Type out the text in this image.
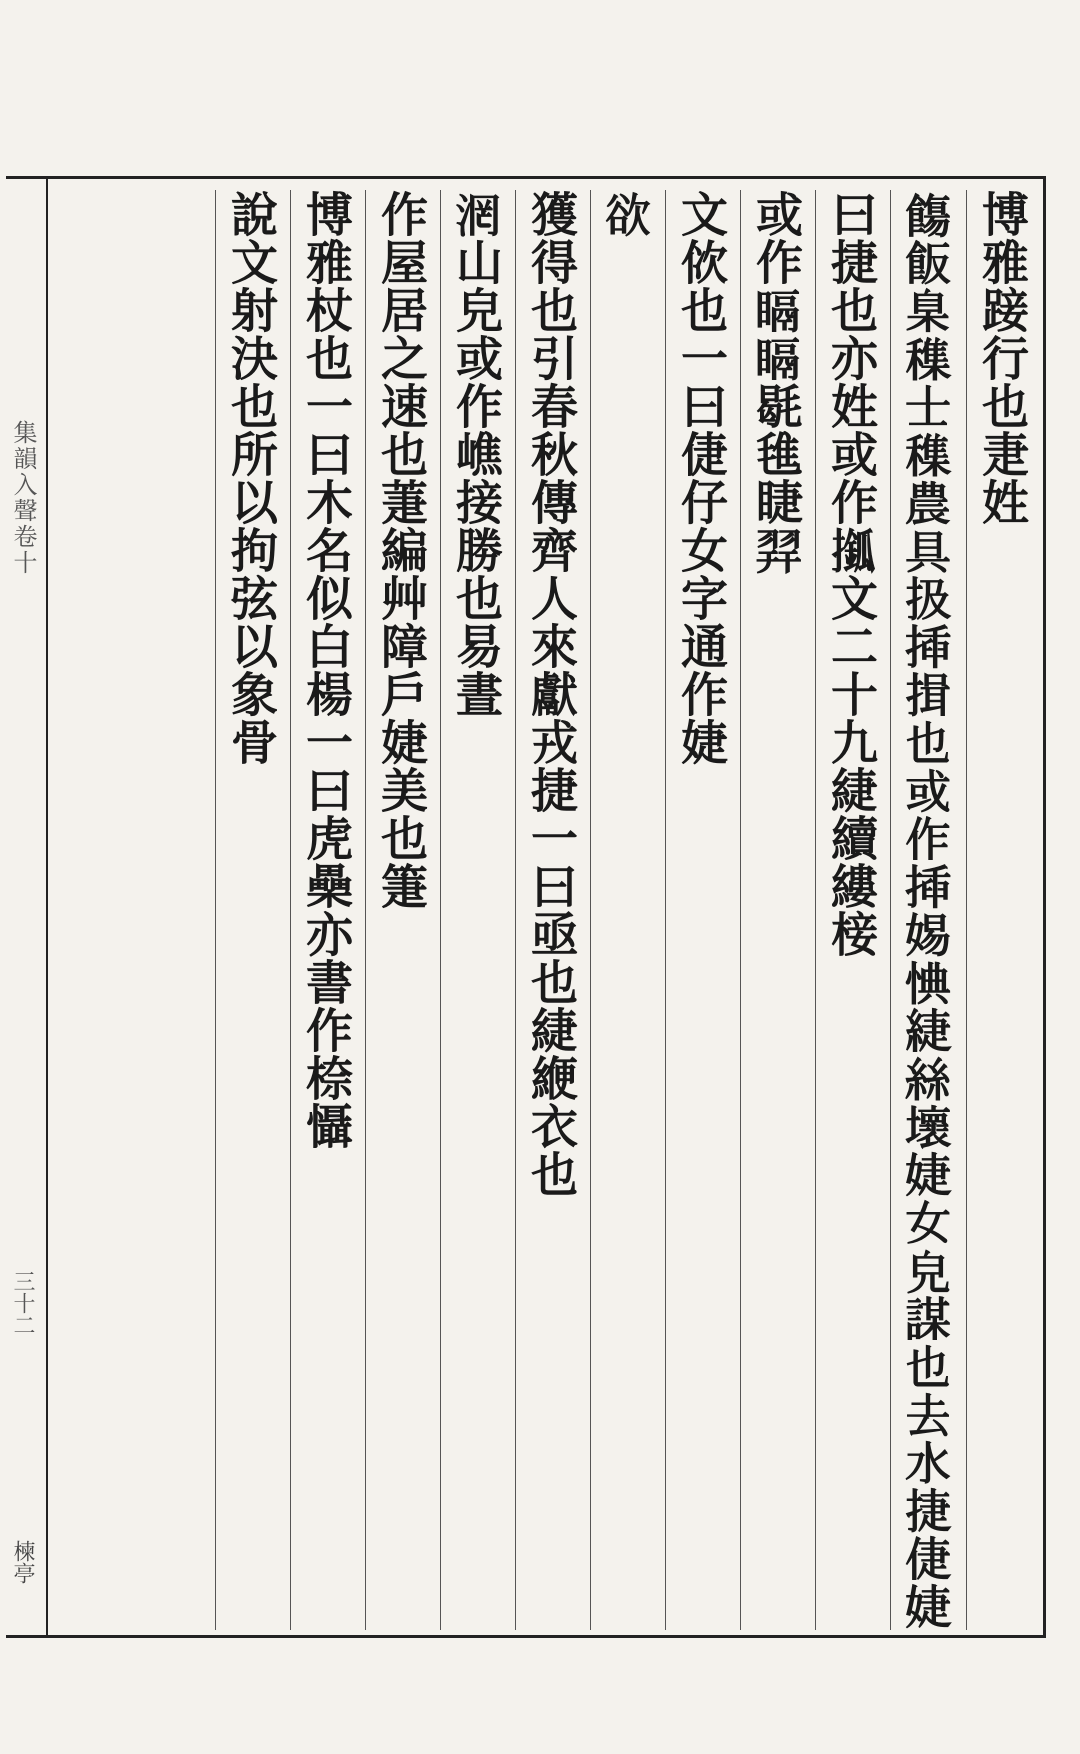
集韻入聲卷十
三十二
楝亭
博雅踥行也疌姓
𩞃飯臬穕士穕農具扱揷揖也或作揷㛫㥏緁絲壞婕女皃謀也去水捷倢婕
曰捷也亦姓或作𢶎文二十九緁續縷椄
或作𥉅𥉅毼㲝睫𦐧
文佽也一曰倢仔女字通作婕
欲
獲得也引春秋傳齊人來獻戎捷一曰亟也緁緶衣也
𣶈山皃或作嶕接勝也易晝
作屋居之速也萐編艸障戶婕美也箑
博雅杖也一曰木名似白楊一曰虎櫐亦書作㮈懾
說文射決也所以拘弦以象骨
